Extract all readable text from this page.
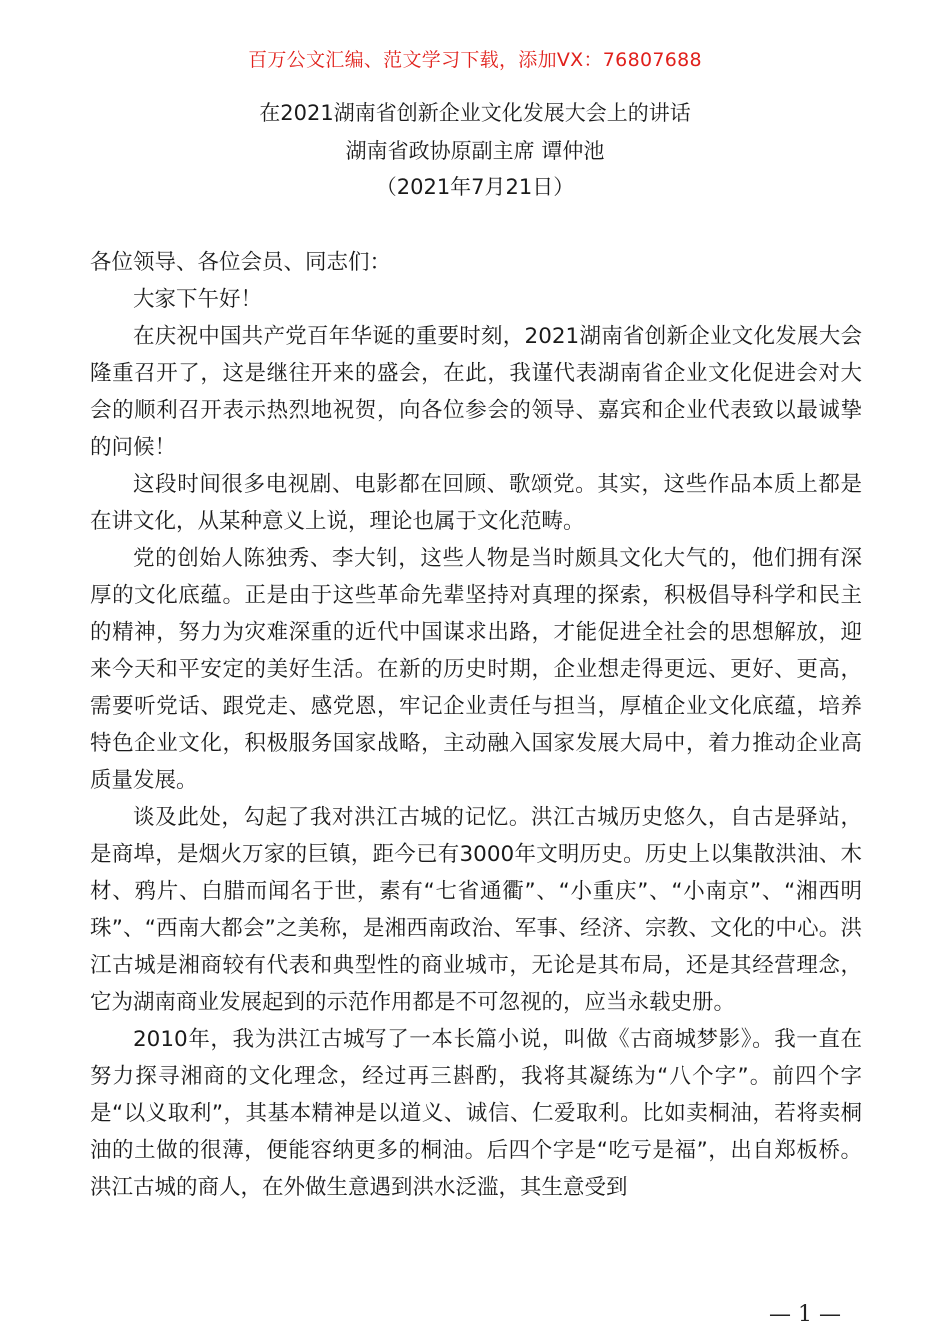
百万公文汇编、范文学习下载，添加VX：76807688
在2021湖南省创新企业文化发展大会上的讲话
湖南省政协原副主席 谭仲池
（2021年7月21日）

各位领导、各位会员、同志们：

大家下午好！

在庆祝中国共产党百年华诞的重要时刻，2021湖南省创新企业文化发展大会隆重召开了，这是继往开来的盛会，在此，我谨代表湖南省企业文化促进会对大会的顺利召开表示热烈地祝贺，向各位参会的领导、嘉宾和企业代表致以最诚挚的问候！

这段时间很多电视剧、电影都在回顾、歌颂党。其实，这些作品本质上都是在讲文化，从某种意义上说，理论也属于文化范畴。

党的创始人陈独秀、李大钊，这些人物是当时颇具文化大气的，他们拥有深厚的文化底蕴。正是由于这些革命先辈坚持对真理的探索，积极倡导科学和民主的精神，努力为灾难深重的近代中国谋求出路，才能促进全社会的思想解放，迎来今天和平安定的美好生活。在新的历史时期，企业想走得更远、更好、更高，需要听党话、跟党走、感党恩，牢记企业责任与担当，厚植企业文化底蕴，培养特色企业文化，积极服务国家战略，主动融入国家发展大局中，着力推动企业高质量发展。

谈及此处，勾起了我对洪江古城的记忆。洪江古城历史悠久，自古是驿站，是商埠，是烟火万家的巨镇，距今已有3000年文明历史。历史上以集散洪油、木材、鸦片、白腊而闻名于世，素有“七省通衢”、“小重庆”、“小南京”、“湘西明珠”、“西南大都会”之美称，是湘西南政治、军事、经济、宗教、文化的中心。洪江古城是湘商较有代表和典型性的商业城市，无论是其布局，还是其经营理念，它为湖南商业发展起到的示范作用都是不可忽视的，应当永载史册。

2010年，我为洪江古城写了一本长篇小说，叫做《古商城梦影》。我一直在努力探寻湘商的文化理念，经过再三斟酌，我将其凝练为“八个字”。前四个字是“以义取利”，其基本精神是以道义、诚信、仁爱取利。比如卖桐油，若将卖桐油的土做的很薄，便能容纳更多的桐油。后四个字是“吃亏是福”，出自郑板桥。洪江古城的商人，在外做生意遇到洪水泛滥，其生意受到

— 1 —
